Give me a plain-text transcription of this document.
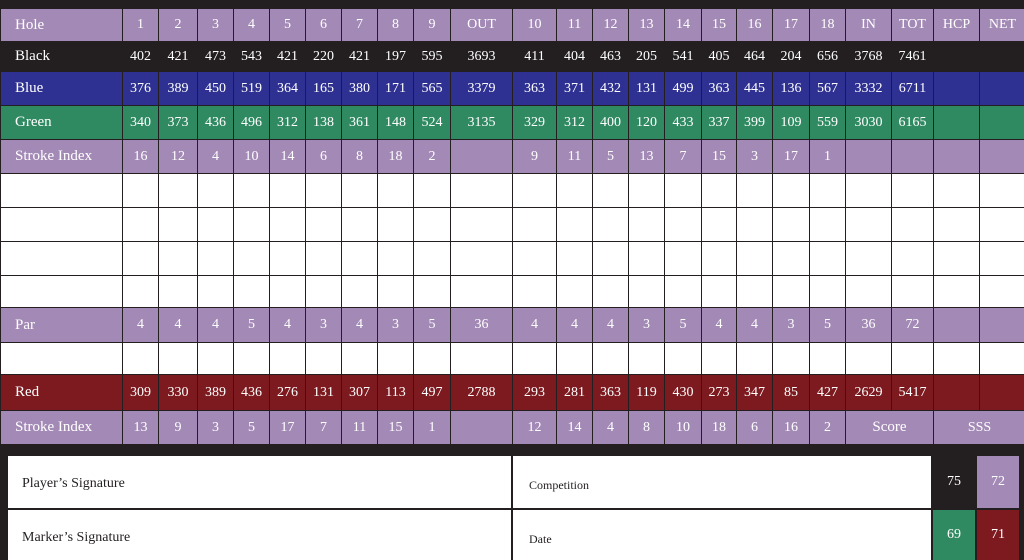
Hole	1	2	3	4	5	6	7	8	9	OUT	10	11	12	13	14	15	16	17	18	IN	TOT	HCP	NET
Black	402	421	473	543	421	220	421	197	595	3693	411	404	463	205	541	405	464	204	656	3768	7461		
Blue	376	389	450	519	364	165	380	171	565	3379	363	371	432	131	499	363	445	136	567	3332	6711		
Green	340	373	436	496	312	138	361	148	524	3135	329	312	400	120	433	337	399	109	559	3030	6165		
Stroke Index	16	12	4	10	14	6	8	18	2		9	11	5	13	7	15	3	17	1				

Par	4	4	4	5	4	3	4	3	5	36	4	4	4	3	5	4	4	3	5	36	72		

Red	309	330	389	436	276	131	307	113	497	2788	293	281	363	119	430	273	347	85	427	2629	5417		
Stroke Index	13	9	3	5	17	7	11	15	1		12	14	4	8	10	18	6	16	2	Score		SSS	
Player’s Signature	Competition	75	72
Marker’s Signature	Date	69	71
